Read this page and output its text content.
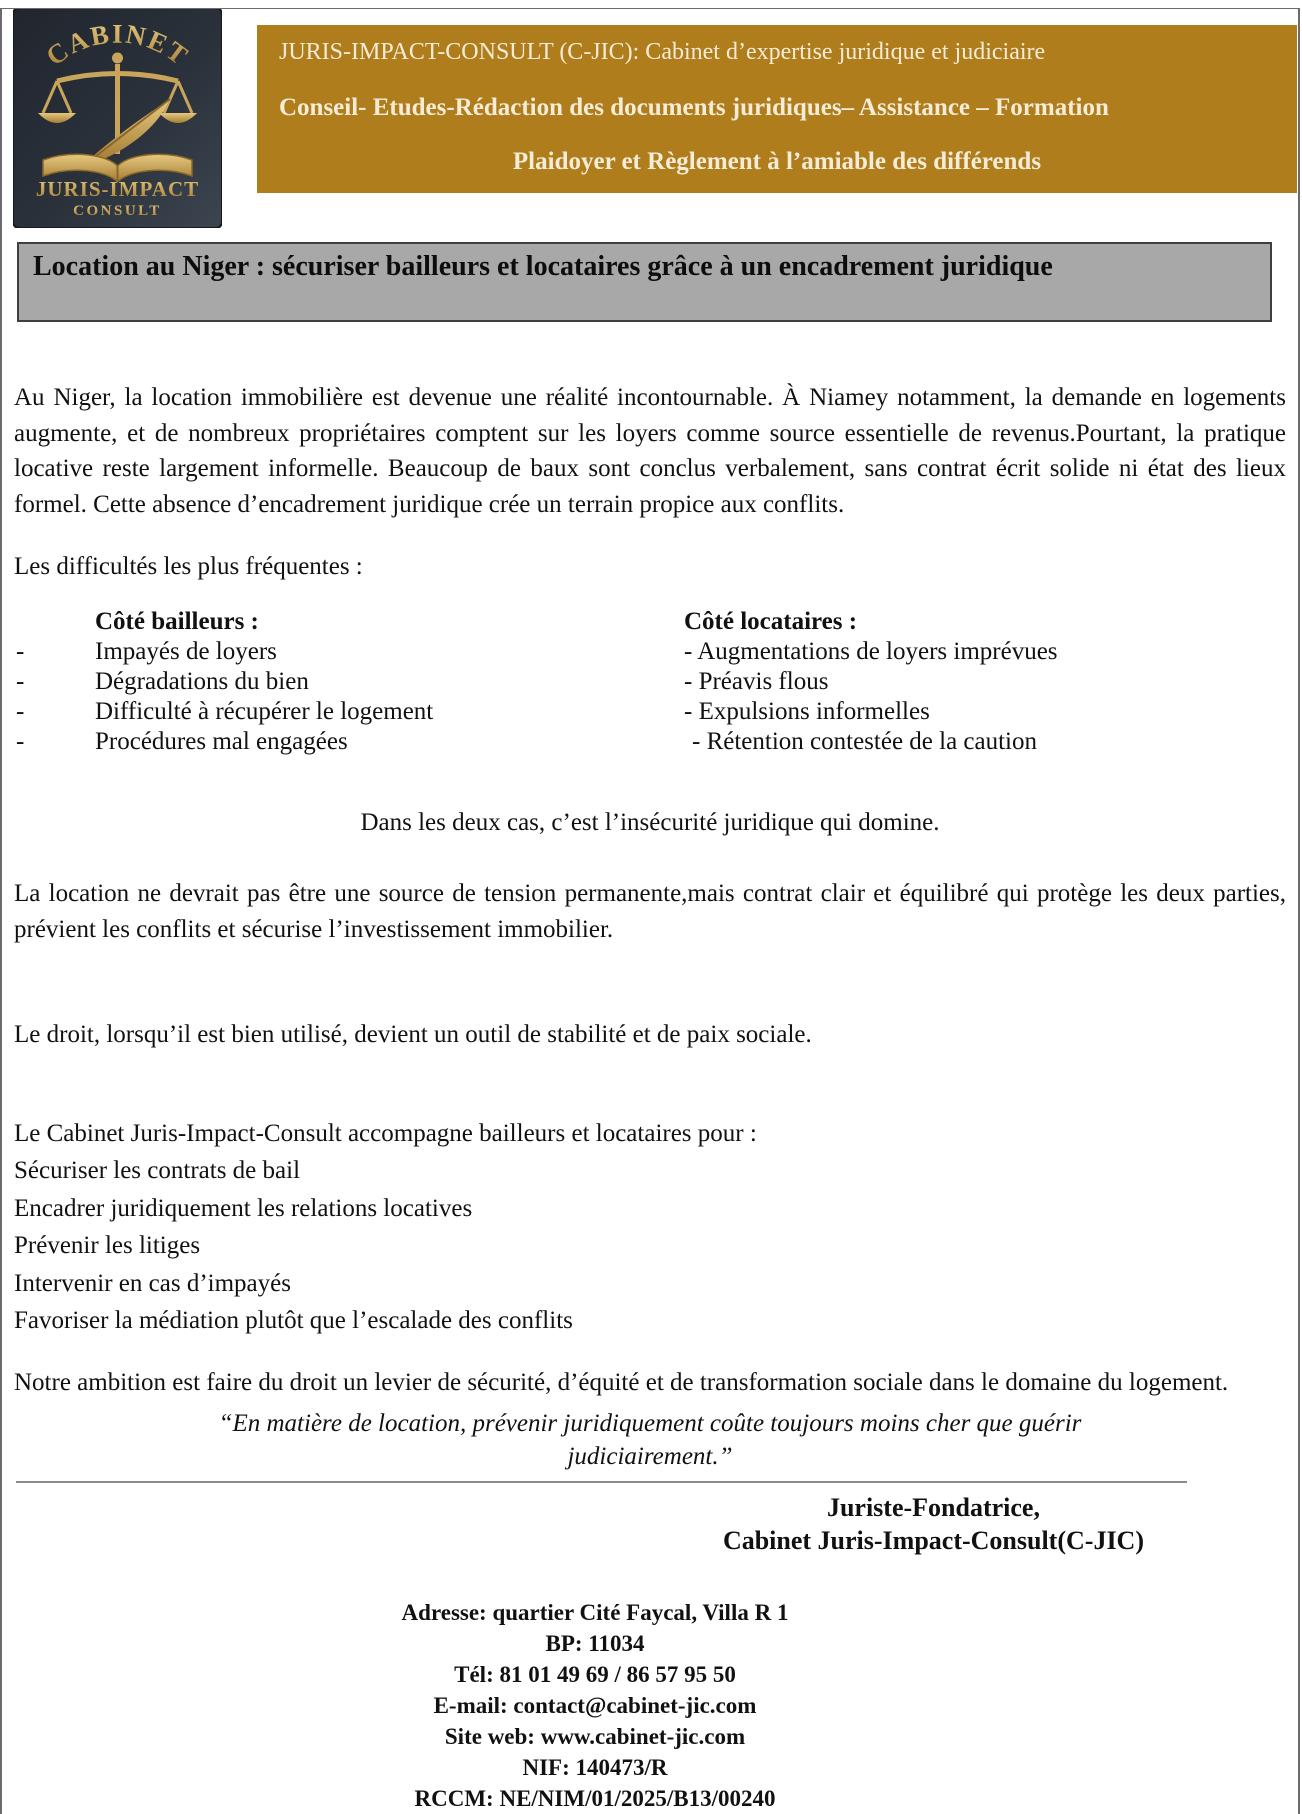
CABINET
JURIS-IMPACT
CONSULT
JURIS-IMPACT-CONSULT (C-JIC): Cabinet d’expertise juridique et judiciaire
Conseil- Etudes-Rédaction des documents juridiques– Assistance – Formation
Plaidoyer et Règlement à l’amiable des différends
Location au Niger : sécuriser bailleurs et locataires grâce à un encadrement juridique

Au Niger, la location immobilière est devenue une réalité incontournable. À Niamey notamment, la demande en logements augmente, et de nombreux propriétaires comptent sur les loyers comme source essentielle de revenus.Pourtant, la pratique locative reste largement informelle. Beaucoup de baux sont conclus verbalement, sans contrat écrit solide ni état des lieux formel. Cette absence d’encadrement juridique crée un terrain propice aux conflits.

Les difficultés les plus fréquentes :

Côté bailleurs :
-	Impayés de loyers
-	Dégradations du bien
-	Difficulté à récupérer le logement
-	Procédures mal engagées
Côté locataires :
- Augmentations de loyers imprévues
- Préavis flous
- Expulsions informelles
- Rétention contestée de la caution

Dans les deux cas, c’est l’insécurité juridique qui domine.

La location ne devrait pas être une source de tension permanente,mais contrat clair et équilibré qui protège les deux parties, prévient les conflits et sécurise l’investissement immobilier.

Le droit, lorsqu’il est bien utilisé, devient un outil de stabilité et de paix sociale.

Le Cabinet Juris-Impact-Consult accompagne bailleurs et locataires pour :
Sécuriser les contrats de bail
Encadrer juridiquement les relations locatives
Prévenir les litiges
Intervenir en cas d’impayés
Favoriser la médiation plutôt que l’escalade des conflits

Notre ambition est faire du droit un levier de sécurité, d’équité et de transformation sociale dans le domaine du logement.

“En matière de location, prévenir juridiquement coûte toujours moins cher que guérir judiciairement.”

Juriste-Fondatrice,
Cabinet Juris-Impact-Consult(C-JIC)
Adresse: quartier Cité Faycal, Villa R 1
BP: 11034
Tél: 81 01 49 69 / 86 57 95 50
E-mail: contact@cabinet-jic.com
Site web: www.cabinet-jic.com
NIF: 140473/R
RCCM: NE/NIM/01/2025/B13/00240
